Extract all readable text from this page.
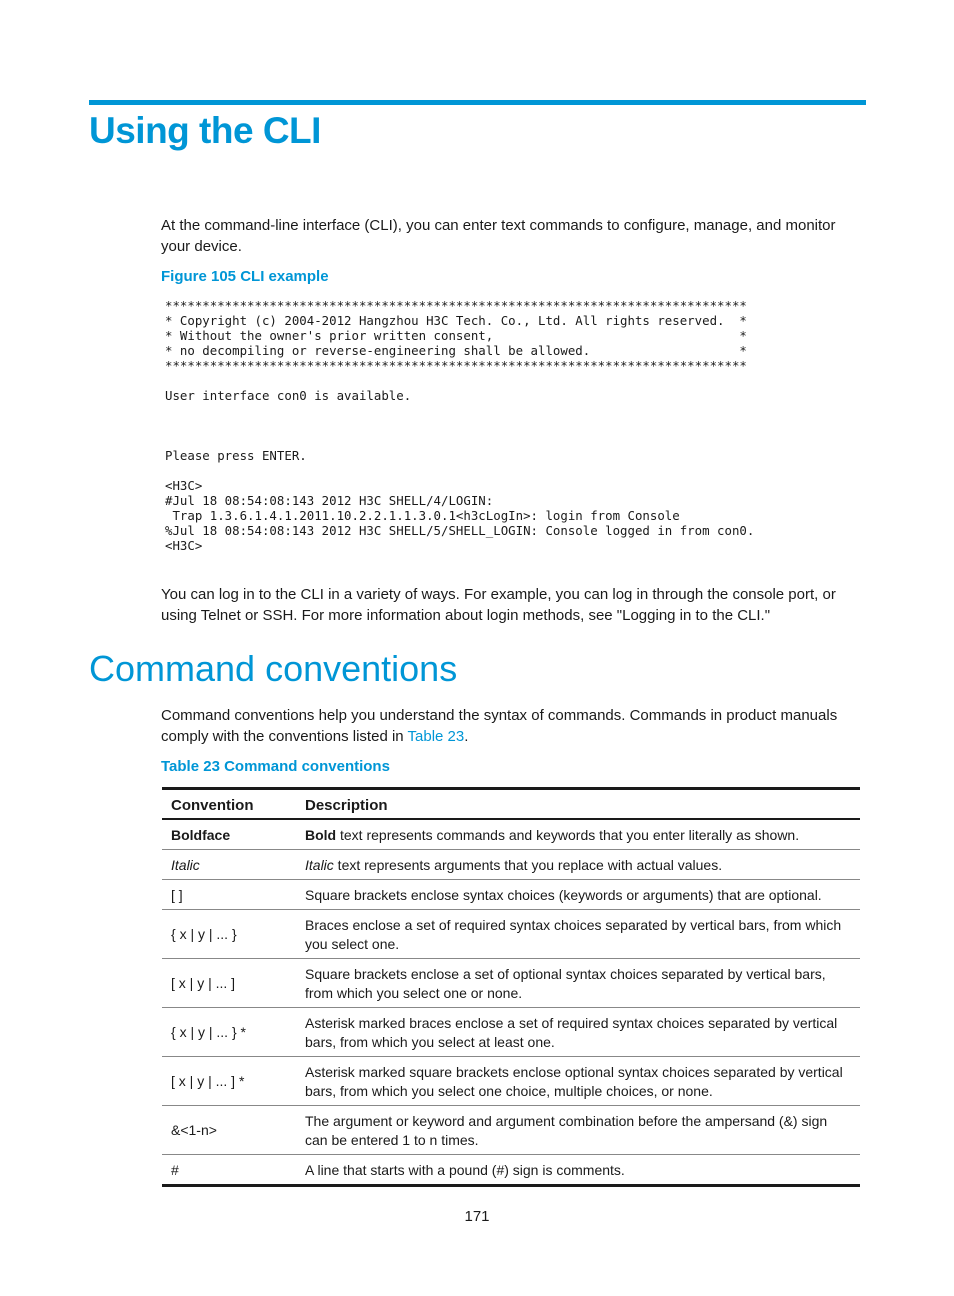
Using the CLI

At the command-line interface (CLI), you can enter text commands to configure, manage, and monitor your device.

Figure 105 CLI example

******************************************************************************
* Copyright (c) 2004-2012 Hangzhou H3C Tech. Co., Ltd. All rights reserved.  *
* Without the owner's prior written consent,                                 *
* no decompiling or reverse-engineering shall be allowed.                    *
******************************************************************************
User interface con0 is available.
Please press ENTER.
<H3C>
#Jul 18 08:54:08:143 2012 H3C SHELL/4/LOGIN:
Trap 1.3.6.1.4.1.2011.10.2.2.1.1.3.0.1<h3cLogIn>: login from Console
%Jul 18 08:54:08:143 2012 H3C SHELL/5/SHELL_LOGIN: Console logged in from con0.
<H3C>

You can log in to the CLI in a variety of ways. For example, you can log in through the console port, or using Telnet or SSH. For more information about login methods, see "Logging in to the CLI."

Command conventions

Command conventions help you understand the syntax of commands. Commands in product manuals comply with the conventions listed in Table 23.

Table 23 Command conventions

Convention	Description
Boldface	Bold text represents commands and keywords that you enter literally as shown.
Italic	Italic text represents arguments that you replace with actual values.
[ ]	Square brackets enclose syntax choices (keywords or arguments) that are optional.
{ x | y | ... }	Braces enclose a set of required syntax choices separated by vertical bars, from which you select one.
[ x | y | ... ]	Square brackets enclose a set of optional syntax choices separated by vertical bars, from which you select one or none.
{ x | y | ... } *	Asterisk marked braces enclose a set of required syntax choices separated by vertical bars, from which you select at least one.
[ x | y | ... ] *	Asterisk marked square brackets enclose optional syntax choices separated by vertical bars, from which you select one choice, multiple choices, or none.
&<1-n>	The argument or keyword and argument combination before the ampersand (&) sign can be entered 1 to n times.
#	A line that starts with a pound (#) sign is comments.
171
